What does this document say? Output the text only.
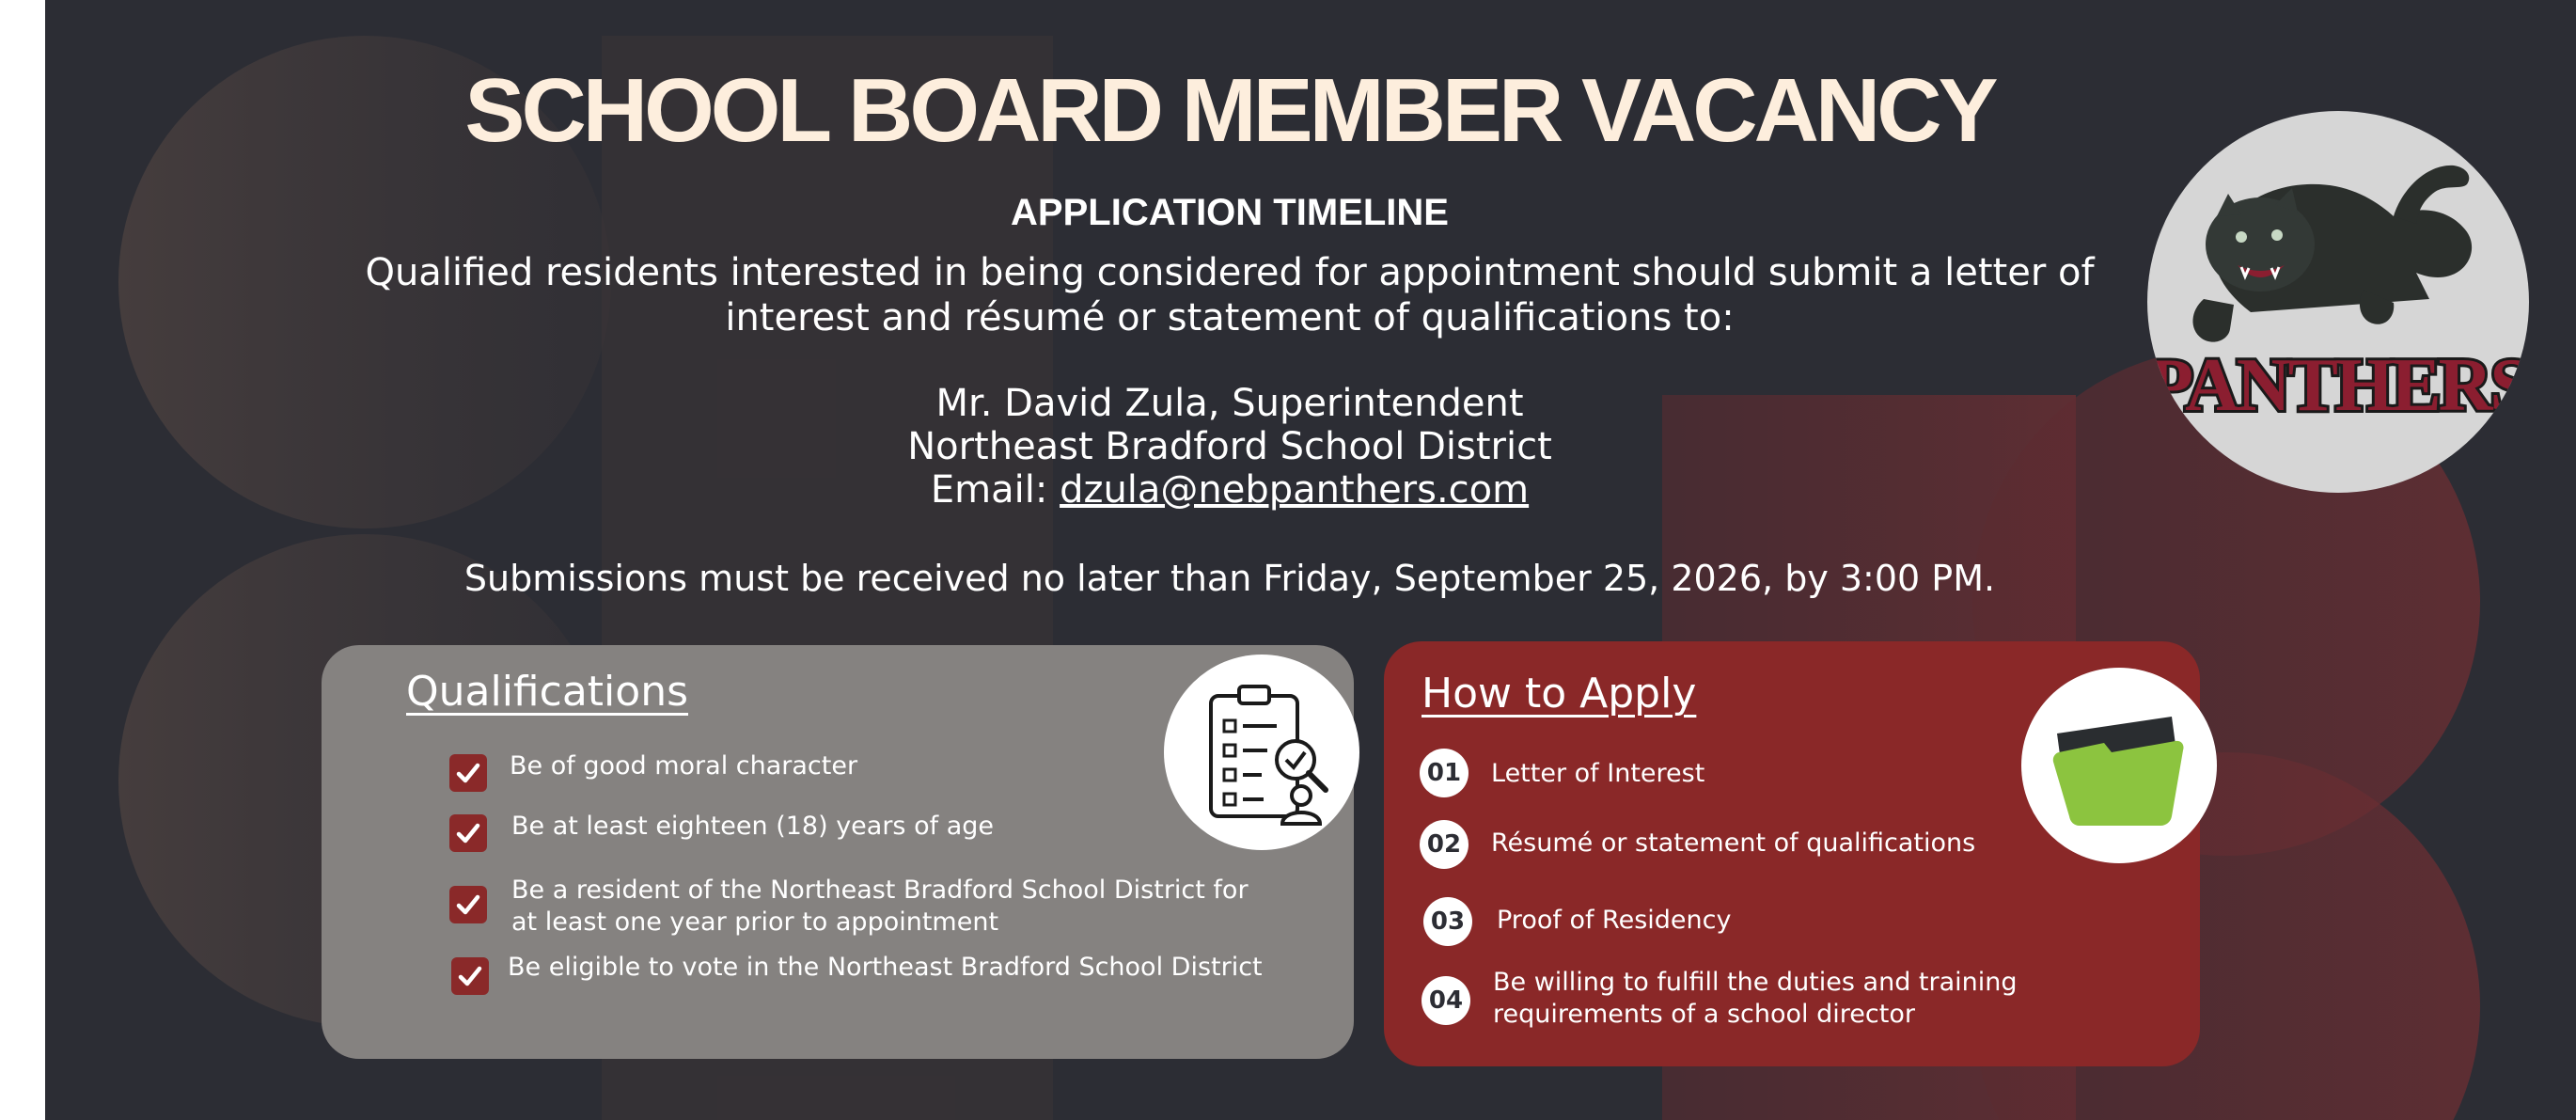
SCHOOL BOARD MEMBER VACANCY
APPLICATION TIMELINE
Qualified residents interested in being considered for appointment should submit a letter of interest and résumé or statement of qualifications to:
Mr. David Zula, Superintendent
Northeast Bradford School District
Email: dzula@nebpanthers.com
Submissions must be received no later than Friday, September 25, 2026, by 3:00 PM.
PANTHERS
Qualifications
Be of good moral character
Be at least eighteen (18) years of age
Be a resident of the Northeast Bradford School District for at least one year prior to appointment
Be eligible to vote in the Northeast Bradford School District
How to Apply
01 Letter of Interest
02 Résumé or statement of qualifications
03 Proof of Residency
04
Be willing to fulfill the duties and training requirements of a school director
